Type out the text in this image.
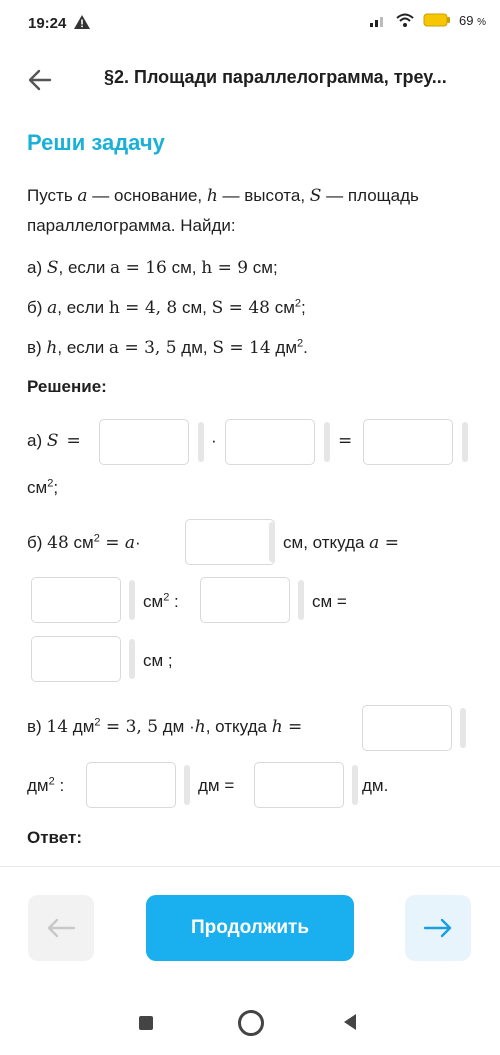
19:24	69 %
§2. Площади параллелограмма, треу...
Реши задачу
Пусть a — основание, h — высота, S — площадь
параллелограмма. Найди:
а) S, если a = 16 см, h = 9 см;
б) a, если h = 4, 8 см, S = 48 $см^2$;
в) h, если a = 3, 5 дм, S = 14 $дм^2$.
Решение:
а) S =	·	=
$см^2$;
б) 48 $см^2 = a\cdot$	см, откуда a =
$см^2$ :	см =
см ;
в) 14 $дм^2 = 3$, 5 дм ·h, откуда h =
$дм^2$ :	дм =	дм.
Ответ:
Продолжить
